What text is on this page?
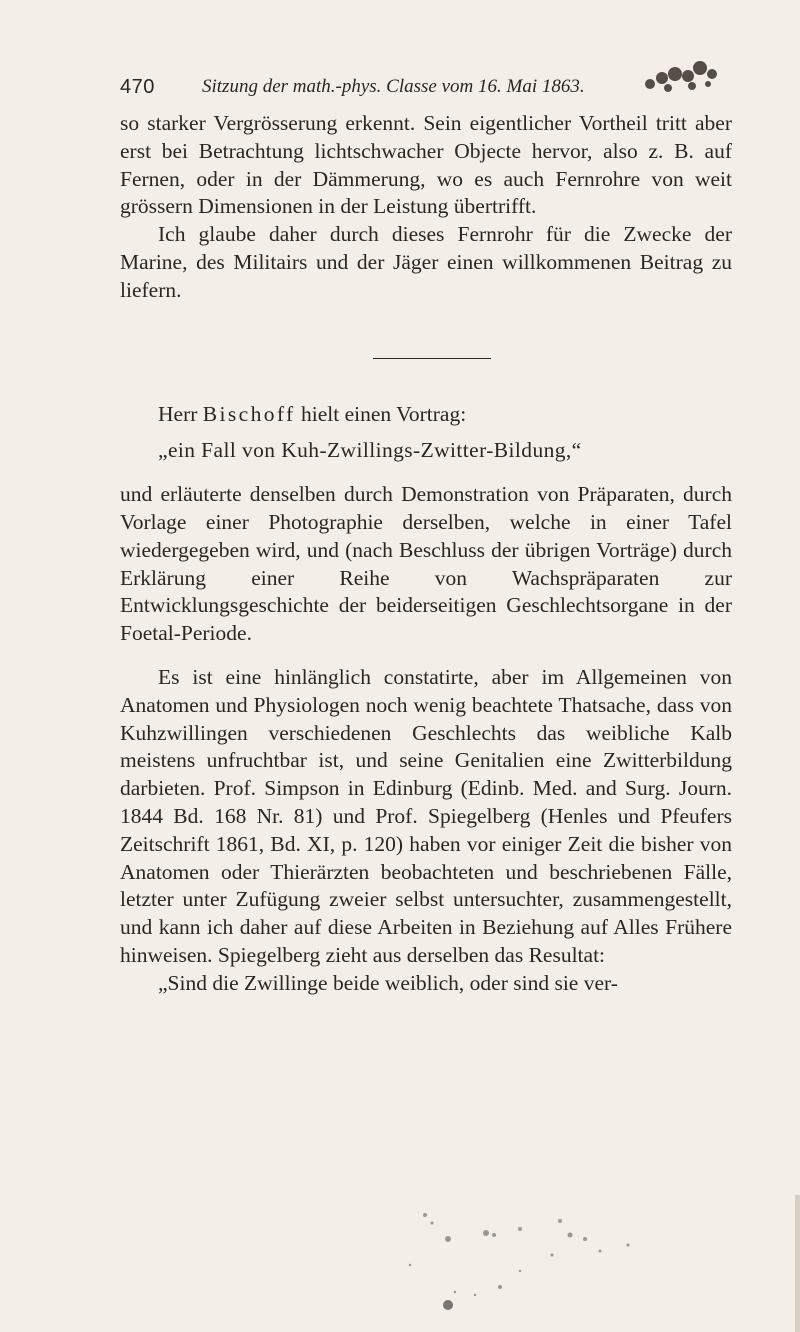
470 Sitzung der math.-phys. Classe vom 16. Mai 1863.

so starker Vergrösserung erkennt. Sein eigentlicher Vortheil tritt aber erst bei Betrachtung lichtschwacher Objecte hervor, also z. B. auf Fernen, oder in der Dämmerung, wo es auch Fernrohre von weit grössern Dimensionen in der Leistung übertrifft.

Ich glaube daher durch dieses Fernrohr für die Zwecke der Marine, des Militairs und der Jäger einen willkommenen Beitrag zu liefern.

Herr Bischoff hielt einen Vortrag:

„ein Fall von Kuh-Zwillings-Zwitter-Bildung,“

und erläuterte denselben durch Demonstration von Präparaten, durch Vorlage einer Photographie derselben, welche in einer Tafel wiedergegeben wird, und (nach Beschluss der übrigen Vorträge) durch Erklärung einer Reihe von Wachspräparaten zur Entwicklungsgeschichte der beiderseitigen Geschlechtsorgane in der Foetal-Periode.

Es ist eine hinlänglich constatirte, aber im Allgemeinen von Anatomen und Physiologen noch wenig beachtete Thatsache, dass von Kuhzwillingen verschiedenen Geschlechts das weibliche Kalb meistens unfruchtbar ist, und seine Genitalien eine Zwitterbildung darbieten. Prof. Simpson in Edinburg (Edinb. Med. and Surg. Journ. 1844 Bd. 168 Nr. 81) und Prof. Spiegelberg (Henles und Pfeufers Zeitschrift 1861, Bd. XI, p. 120) haben vor einiger Zeit die bisher von Anatomen oder Thierärzten beobachteten und beschriebenen Fälle, letzter unter Zufügung zweier selbst untersuchter, zusammengestellt, und kann ich daher auf diese Arbeiten in Beziehung auf Alles Frühere hinweisen. Spiegelberg zieht aus derselben das Resultat:

„Sind die Zwillinge beide weiblich, oder sind sie ver-
